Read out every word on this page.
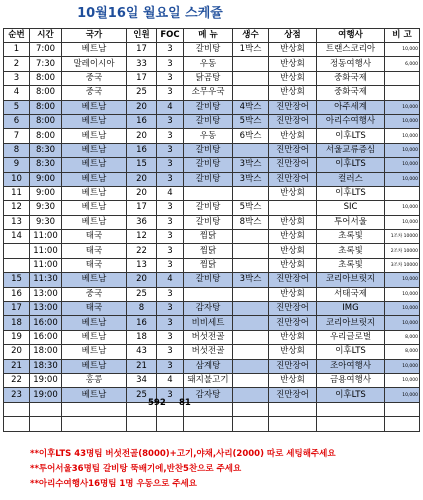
10월16일 월요일 스케쥴
순번	시간	국가	인원	FOC	메 뉴	생수	상점	여행사	비 고
1	7:00	베트남	17	3	갈비탕	1박스	반상회	트랜스코리아	10,000
2	7:30	말레이시아	33	3	우동		반상회	정동여행사	6,000
3	8:00	중국	17	3	닭곰탕		반상회	중화국제	
4	8:00	중국	25	3	소무우국		반상회	중화국제	
5	8:00	베트남	20	4	갈비탕	4박스	진만장어	아주세계	10,000
6	8:00	베트남	16	3	갈비탕	5박스	진만장어	아리수여행사	10,000
7	8:00	베트남	20	3	우동	6박스	반상회	이후LTS	10,000
8	8:30	베트남	16	3	갈비탕		진만장어	서울교류증심	10,000
9	8:30	베트남	15	3	갈비탕	3박스	진만장어	이후LTS	10,000
10	9:00	베트남	20	3	갈비탕	3박스	진만장어	컬러스	10,000
11	9:00	베트남	20	4			반상회	이후LTS	
12	9:30	베트남	17	3	갈비탕	5박스		SIC	10,000
13	9:30	베트남	36	3	갈비탕	8박스	반상회	투어서울	10,000
14	11:00	태국	12	3	찜닭		반상회	초록빛	1조차 10000
	11:00	태국	22	3	찜닭		반상회	초록빛	2조차 10000
	11:00	태국	13	3	찜닭		반상회	초록빛	3조차 10000
15	11:30	베트남	20	4	갈비탕	3박스	진만장어	코리아브릿지	10,000
16	13:00	중국	25	3			반상회	서태국제	10,000
17	13:00	태국	8	3	감자탕		진만장어	IMG	10,000
18	16:00	베트남	16	3	비비세트		진만장어	코리아브릿지	10,000
19	16:00	베트남	18	3	버섯전골		반상회	우리글로벌	8,000
20	18:00	베트남	43	3	버섯전골		반상회	이후LTS	8,000
21	18:30	베트남	21	3	삼계탕		진만장어	조아여행사	10,000
22	19:00	홍콩	34	4	돼지불고기		반상회	금용여행사	10,000
23	19:00	베트남	25	3	감자탕		진만장어	이후LTS	10,000

592 81
**이후LTS 43명팀 버섯전골(8000)+고기,야채,사리(2000) 따로 세팅해주세요
**투어서울36명팀 갈비탕 뚝배기에,반찬5찬으로 주세요
**아리수여행사16명팀 1명 우동으로 주세요
